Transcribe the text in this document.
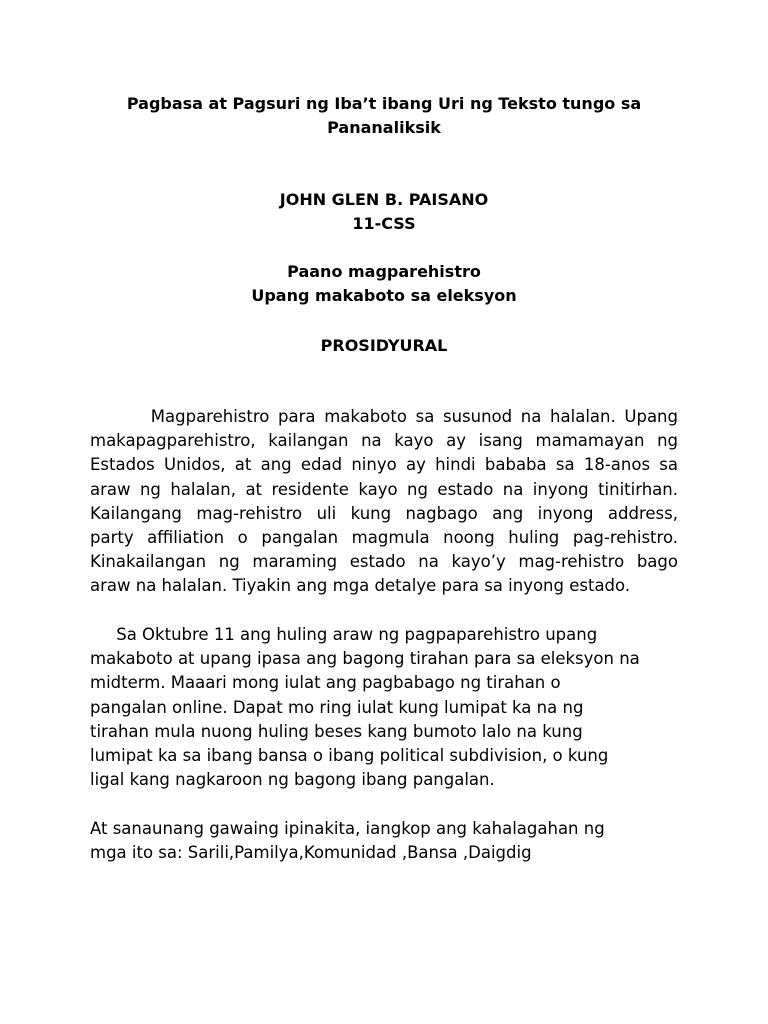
Pagbasa at Pagsuri ng Iba’t ibang Uri ng Teksto tungo sa
Pananaliksik
JOHN GLEN B. PAISANO
11-CSS
Paano magparehistro
Upang makaboto sa eleksyon
PROSIDYURAL
Magparehistro para makaboto sa susunod na halalan. Upang
makapagparehistro, kailangan na kayo ay isang mamamayan ng
Estados Unidos, at ang edad ninyo ay hindi bababa sa 18-anos sa
araw ng halalan, at residente kayo ng estado na inyong tinitirhan.
Kailangang mag-rehistro uli kung nagbago ang inyong address,
party affiliation o pangalan magmula noong huling pag-rehistro.
Kinakailangan ng maraming estado na kayo’y mag-rehistro bago
araw na halalan. Tiyakin ang mga detalye para sa inyong estado.
Sa Oktubre 11 ang huling araw ng pagpaparehistro upang
makaboto at upang ipasa ang bagong tirahan para sa eleksyon na
midterm. Maaari mong iulat ang pagbabago ng tirahan o
pangalan online. Dapat mo ring iulat kung lumipat ka na ng
tirahan mula nuong huling beses kang bumoto lalo na kung
lumipat ka sa ibang bansa o ibang political subdivision, o kung
ligal kang nagkaroon ng bagong ibang pangalan.
At sanaunang gawaing ipinakita, iangkop ang kahalagahan ng
mga ito sa: Sarili,Pamilya,Komunidad ,Bansa ,Daigdig
